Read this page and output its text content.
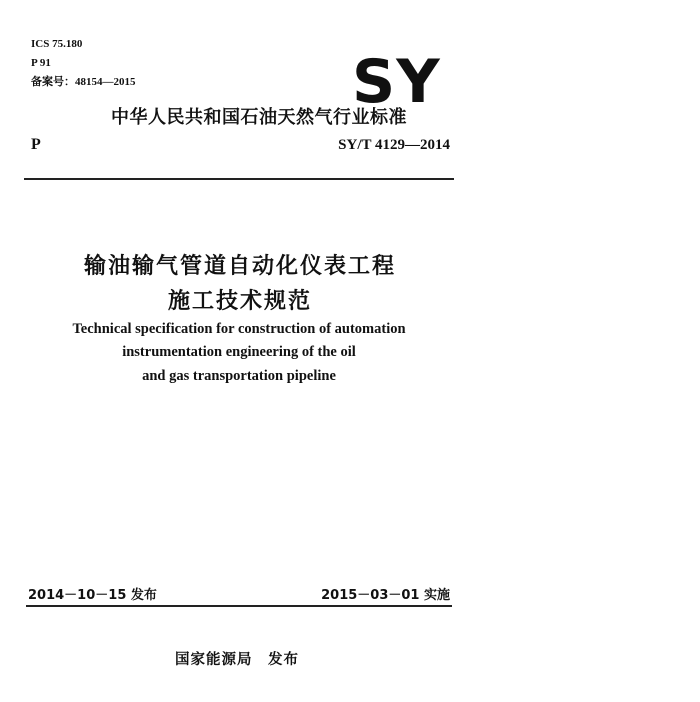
ICS 75.180
P 91
备案号：48154—2015	SY
中华人民共和国石油天然气行业标准
P	SY/T 4129—2014
输油输气管道自动化仪表工程
施工技术规范
Technical specification for construction of automation
instrumentation engineering of the oil
and gas transportation pipeline
2014－10－15 发布	2015－03－01 实施
国家能源局　发布
